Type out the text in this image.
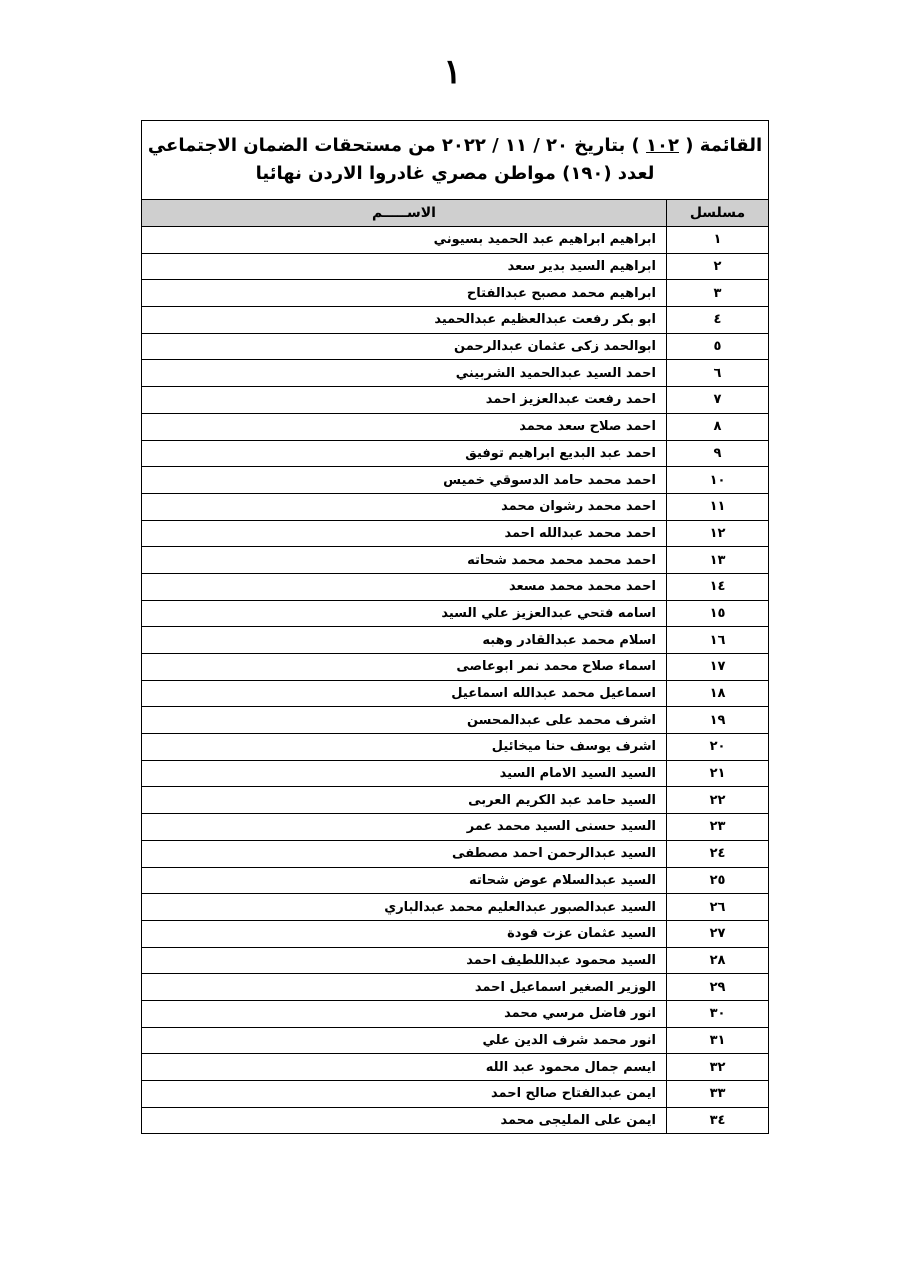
١
القائمة ( ١٠٢ ) بتاريخ ٢٠ / ١١ / ٢٠٢٢ من مستحقات الضمان الاجتماعي
لعدد (١٩٠) مواطن مصري غادروا الاردن نهائيا	

مسلسل	الاســـــم
١	ابراهيم ابراهيم عبد الحميد بسيوني
٢	ابراهيم السيد بدير سعد
٣	ابراهيم محمد مصبح عبدالفتاح
٤	ابو بكر رفعت عبدالعظيم عبدالحميد
٥	ابوالحمد زكى عثمان عبدالرحمن
٦	احمد السيد عبدالحميد الشربيني
٧	احمد رفعت عبدالعزيز احمد
٨	احمد صلاح سعد محمد
٩	احمد عبد البديع ابراهيم توفيق
١٠	احمد محمد حامد الدسوقي خميس
١١	احمد محمد رشوان محمد
١٢	احمد محمد عبدالله احمد
١٣	احمد محمد محمد محمد شحاته
١٤	احمد محمد محمد مسعد
١٥	اسامه فتحي عبدالعزيز علي السيد
١٦	اسلام محمد عبدالقادر وهبه
١٧	اسماء صلاح محمد نمر ابوعاصى
١٨	اسماعيل محمد عبدالله اسماعيل
١٩	اشرف محمد على عبدالمحسن
٢٠	اشرف يوسف حنا ميخائيل
٢١	السيد السيد الامام السيد
٢٢	السيد حامد عبد الكريم العربى
٢٣	السيد حسنى السيد محمد عمر
٢٤	السيد عبدالرحمن احمد مصطفى
٢٥	السيد عبدالسلام عوض شحاته
٢٦	السيد عبدالصبور عبدالعليم محمد عبدالباري
٢٧	السيد عثمان عزت فودة
٢٨	السيد محمود عبداللطيف احمد
٢٩	الوزير الصغير اسماعيل احمد
٣٠	انور فاضل مرسي محمد
٣١	انور محمد شرف الدين علي
٣٢	ايسم جمال محمود عبد الله
٣٣	ايمن عبدالفتاح صالح احمد
٣٤	ايمن على المليجى محمد
